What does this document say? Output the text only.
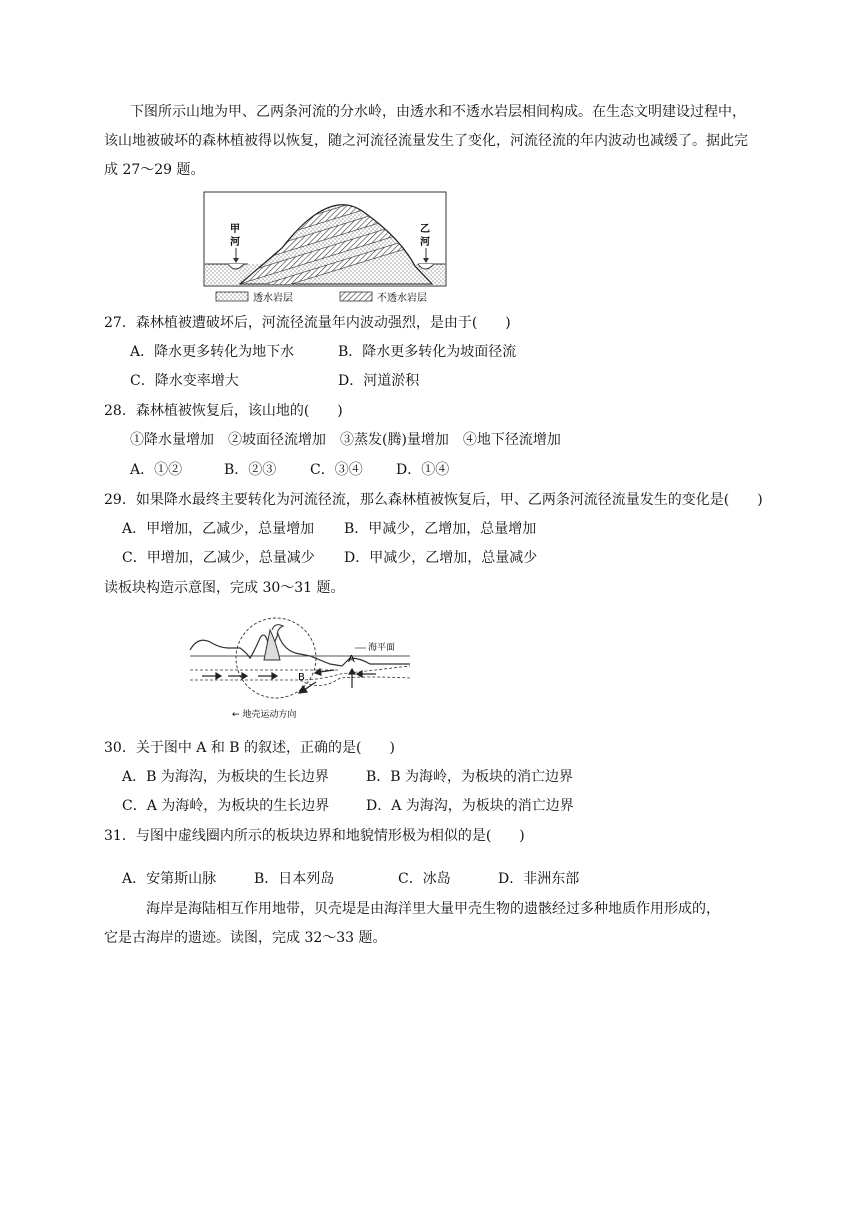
下图所示山地为甲、乙两条河流的分水岭，由透水和不透水岩层相间构成。在生态文明建设过程中，
该山地被破坏的森林植被得以恢复，随之河流径流量发生了变化，河流径流的年内波动也减缓了。据此完
成 27～29 题。
甲
河
乙
河
透水岩层	不透水岩层
27．森林植被遭破坏后，河流径流量年内波动强烈，是由于(　　)
A．降水更多转化为地下水	B．降水更多转化为坡面径流
C．降水变率增大	D．河道淤积
28．森林植被恢复后，该山地的(　　)
①降水量增加　②坡面径流增加　③蒸发(腾)量增加　④地下径流增加
A．①②	B．②③ C．③④ D．①④
29．如果降水最终主要转化为河流径流，那么森林植被恢复后，甲、乙两条河流径流量发生的变化是(　　)
A．甲增加，乙减少，总量增加 B．甲减少，乙增加，总量增加
C．甲增加，乙减少，总量减少 D．甲减少，乙增加，总量减少
读板块构造示意图，完成 30～31 题。
海平面
A
B
← 地壳运动方向
30．关于图中 A 和 B 的叙述，正确的是(　　)
A．B 为海沟，为板块的生长边界	B．B 为海岭，为板块的消亡边界
C．A 为海岭，为板块的生长边界	D．A 为海沟，为板块的消亡边界
31．与图中虚线圈内所示的板块边界和地貌情形极为相似的是(　　)
A．安第斯山脉	B．日本列岛	C．冰岛	D．非洲东部
海岸是海陆相互作用地带，贝壳堤是由海洋里大量甲壳生物的遗骸经过多种地质作用形成的，
它是古海岸的遗迹。读图，完成 32～33 题。
